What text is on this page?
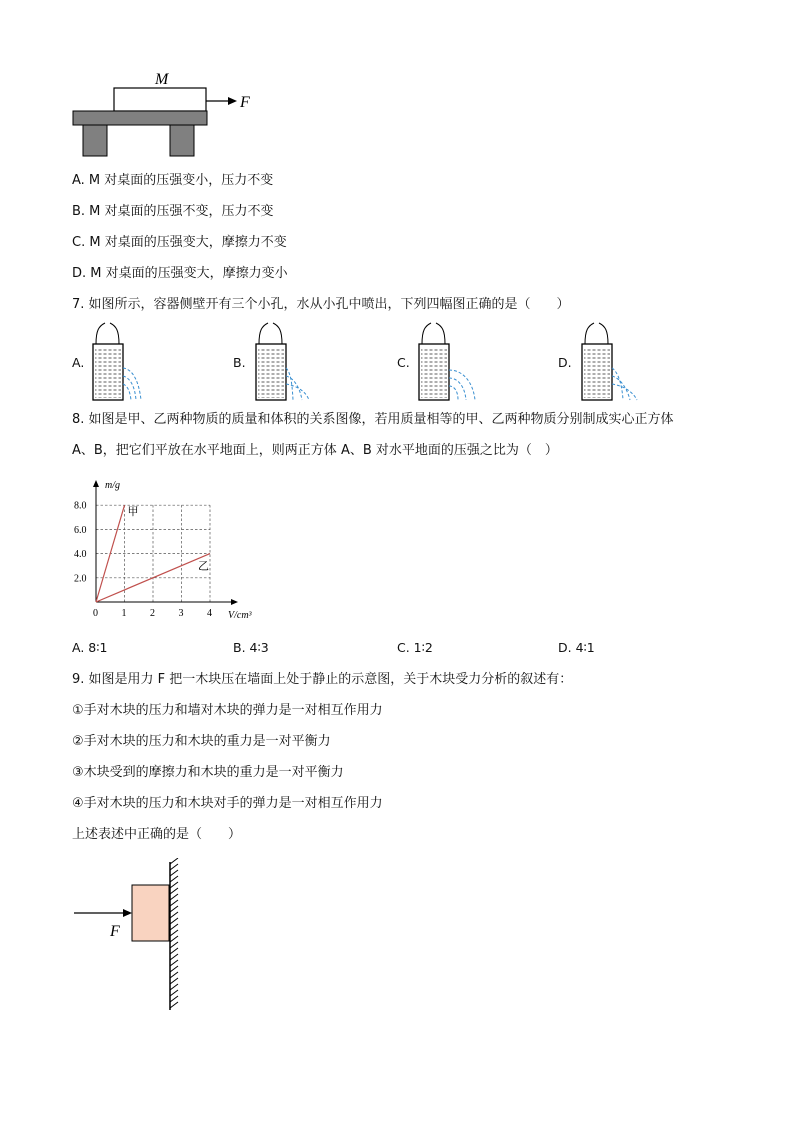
M
F
A. M 对桌面的压强变小，压力不变
B. M 对桌面的压强不变，压力不变
C. M 对桌面的压强变大，摩擦力不变
D. M 对桌面的压强变大，摩擦力变小
7. 如图所示，容器侧壁开有三个小孔，水从小孔中喷出，下列四幅图正确的是（　　）
A.	B.	C.	D.
8. 如图是甲、乙两种物质的质量和体积的关系图像，若用质量相等的甲、乙两种物质分别制成实心正方体
A、B，把它们平放在水平地面上，则两正方体 A、B 对水平地面的压强之比为（　）
m/g
V/cm³
0 1 2 3 4
2.0
4.0
6.0
8.0	甲
乙
A. 8∶1	B. 4∶3	C. 1∶2	D. 4∶1
9. 如图是用力 F 把一木块压在墙面上处于静止的示意图，关于木块受力分析的叙述有：
①手对木块的压力和墙对木块的弹力是一对相互作用力
②手对木块的压力和木块的重力是一对平衡力
③木块受到的摩擦力和木块的重力是一对平衡力
④手对木块的压力和木块对手的弹力是一对相互作用力
上述表述中正确的是（　　）
F
